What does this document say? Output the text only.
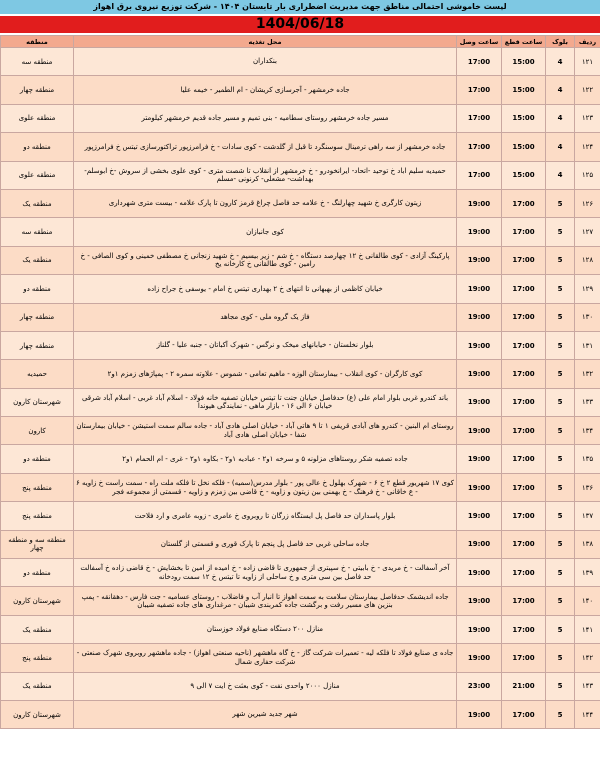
لیست خاموشی احتمالی مناطق جهت مدیریت اضطراری بار تابستان ۱۴۰۴ - شرکت توزیع نیروی برق اهواز
1404/06/18
ردیف	بلوک	ساعت قطع	ساعت وصل	محل تغذیه	منطقه
۱۲۱	4	15:00	17:00	بنکداران	منطقه سه
۱۲۲	4	15:00	17:00	جاده خرمشهر - آجرسازی کریشان - ام الطمیر - خیمه علیا	منطقه چهار
۱۲۳	4	15:00	17:00	مسیر جاده خرمشهر روستای سطامیه - بنی تمیم و مسیر جاده قدیم خرمشهر کیلومتر	منطقه علوی
۱۲۴	4	15:00	17:00	جاده خرمشهر از سه راهی ترمینال سوسنگرد تا قبل از گلدشت - کوی سادات - خ فرامرزپور تراکتورسازی تیتس خ فرامرزپور	منطقه دو
۱۲۵	4	15:00	17:00	حمیدیه سلیم اباد خ توحید -اتحاد- ایرانخودرو - خ خرمشهر از انقلاب تا شصت متری - کوی علوی بخشی از سروش -خ ابوسلم- بهداشت- مشعلی- کرنونی -مسلم	منطقه علوی
۱۲۶	5	17:00	19:00	زیتون کارگری خ شهید چهارلنگ - خ علامه حد فاصل چراغ قرمز کارون تا پارک علامه - بیست متری شهرداری	منطقه یک
۱۲۷	5	17:00	19:00	کوی جانبازان	منطقه سه
۱۲۸	5	17:00	19:00	پارکینگ آزادی - کوی طالقانی خ ۱۲ چهارصد دستگاه - خ شم - زیر بیسیم - خ شهید زنجانی خ مصطفی خمینی و کوی الصافی - خ رامین - کوی طالقانی خ کارخانه یخ	منطقه یک
۱۲۹	5	17:00	19:00	خیابان کاظمی از بهبهانی تا انتهای خ ۲ بهداری تیتس خ امام - یوسفی خ جراح زاده	منطقه دو
۱۳۰	5	17:00	19:00	فاز یک گروه ملی - کوی مجاهد	منطقه چهار
۱۳۱	5	17:00	19:00	بلوار نخلستان - خیابانهای میخک و نرگس - شهرک آکباتان - جنبه علیا - گلناز	منطقه چهار
۱۳۲	5	17:00	19:00	کوی کارگران - کوی انقلاب - بیمارستان الوزه - ماهیم تعامی - شموس - علاوته سمره ۲ - پمپاژهای زمزم ۱و۲	حمیدیه
۱۳۳	5	17:00	19:00	باند کندرو غربی بلوار امام علی (ع) حدفاصل خیابان جنت تا تیتس خیابان تصفیه خانه فولاد - اسلام آباد غربی - اسلام آباد شرقی خیابان ۶ الی ۱۶ - بازار ماهی - نمایندگی هیوندا	شهرستان کارون
۱۳۴	5	17:00	19:00	روستای ام البنین - کندرو های آبادی قریفی ۱ تا ۹ هاتی آباد - خیابان اصلی هادی آباد - جاده سالم سمت استیشن - خیابان بیمارستان شفا - خیابان اصلی هادی آباد	کارون
۱۳۵	5	17:00	19:00	جاده تصفیه شکر روستاهای مزلونه ۵ و سرخه ۱و۲ - عبادیه ۱و۲ - بکاوه ۱و۲ - غری - ام الحمام ۱و۲	منطقه دو
۱۳۶	5	17:00	19:00	کوی ۱۷ شهریور قطع ۲ خ ۶ - شهرک بهلول خ عالی پور - بلوار مدرس(سمیه) - فلکه نخل تا فلکه ملت راه - سمت راست خ زاویه ۶ - ع خاقانی - خ فرهنگ - خ بهمنی بین زیتون و زاویه - خ قاضی بین زمزم و زاویه - قسمتی از مجموعه فجر	منطقه پنج
۱۳۷	5	17:00	19:00	بلوار پاسداران حد فاصل پل ایستگاه زرگان تا روبروی خ عامری - زوبه عامری و ارد فلاحت	منطقه پنج
۱۳۸	5	17:00	19:00	جاده ساحلی غربی حد فاصل پل پنجم تا پارک قوری و قسمتی از گلستان	منطقه سه و منطقه چهار
۱۳۹	5	17:00	19:00	آخر آسفالت - خ مریدی - خ بابیتی - خ سپیتری از جمهوری تا قاضی زاده - خ امیده از امین تا بخشایش - خ قاضی زاده خ آسفالت حد فاصل بین سی متری و خ ساحلی از زاویه تا تیتس خ ۱۲ سمت رودخانه	منطقه دو
۱۴۰	5	17:00	19:00	جاده اندیشمک حدفاصل بیمارستان سلامت به سمت اهواز تا انبار آب و فاضلاب - روستای عسامیه - جت فارس - دهقانقه - پمپ بنزین های مسیر رفت و برگشت جاده کمربندی شیبان - مرغداری های جاده تصفیه شیبان	شهرستان کارون
۱۴۱	5	17:00	19:00	منازل ۲۰۰ دستگاه صنایع فولاد خوزستان	منطقه یک
۱۴۲	5	17:00	19:00	جاده ی صنایع فولاد تا فلکه لیه - تعمیرات شرکت گاز - خ گاه ماهشهر (ناحیه صنعتی اهواز) - جاده ماهشهر روبروی شهرک صنعتی - شرکت حفاری شمال	منطقه پنج
۱۴۳	5	21:00	23:00	منازل ۲۰۰۰ واحدی نفت - کوی بعثت خ ایت ۷ الی ۹	منطقه یک
۱۴۴	5	17:00	19:00	شهر جدید شیرین شهر	شهرستان کارون
